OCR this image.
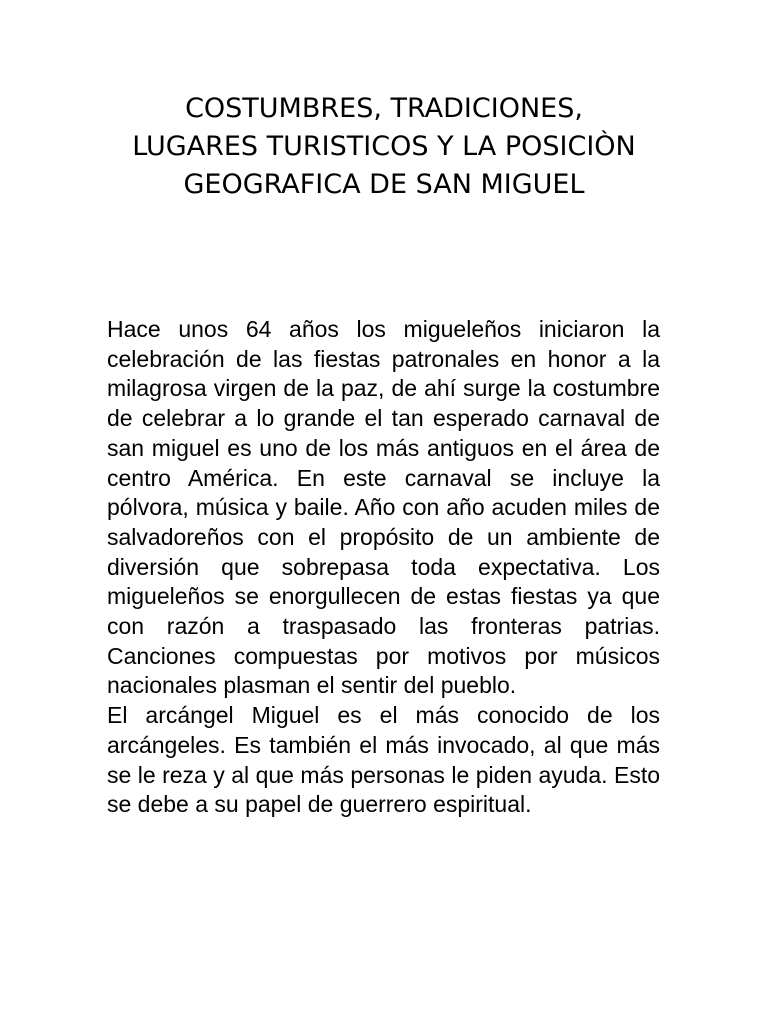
COSTUMBRES, TRADICIONES, LUGARES TURISTICOS Y LA POSICIÒN GEOGRAFICA DE SAN MIGUEL

Hace unos 64 años los migueleños iniciaron la celebración de las fiestas patronales en honor a la milagrosa virgen de la paz, de ahí surge la costumbre de celebrar a lo grande el tan esperado carnaval de san miguel es uno de los más antiguos en el área de centro América. En este carnaval se incluye la pólvora, música y baile. Año con año acuden miles de salvadoreños con el propósito de un ambiente de diversión que sobrepasa toda expectativa. Los migueleños se enorgullecen de estas fiestas ya que con razón a traspasado las fronteras patrias. Canciones compuestas por motivos por músicos nacionales plasman el sentir del pueblo.

El arcángel Miguel es el más conocido de los arcángeles. Es también el más invocado, al que más se le reza y al que más personas le piden ayuda. Esto se debe a su papel de guerrero espiritual.
